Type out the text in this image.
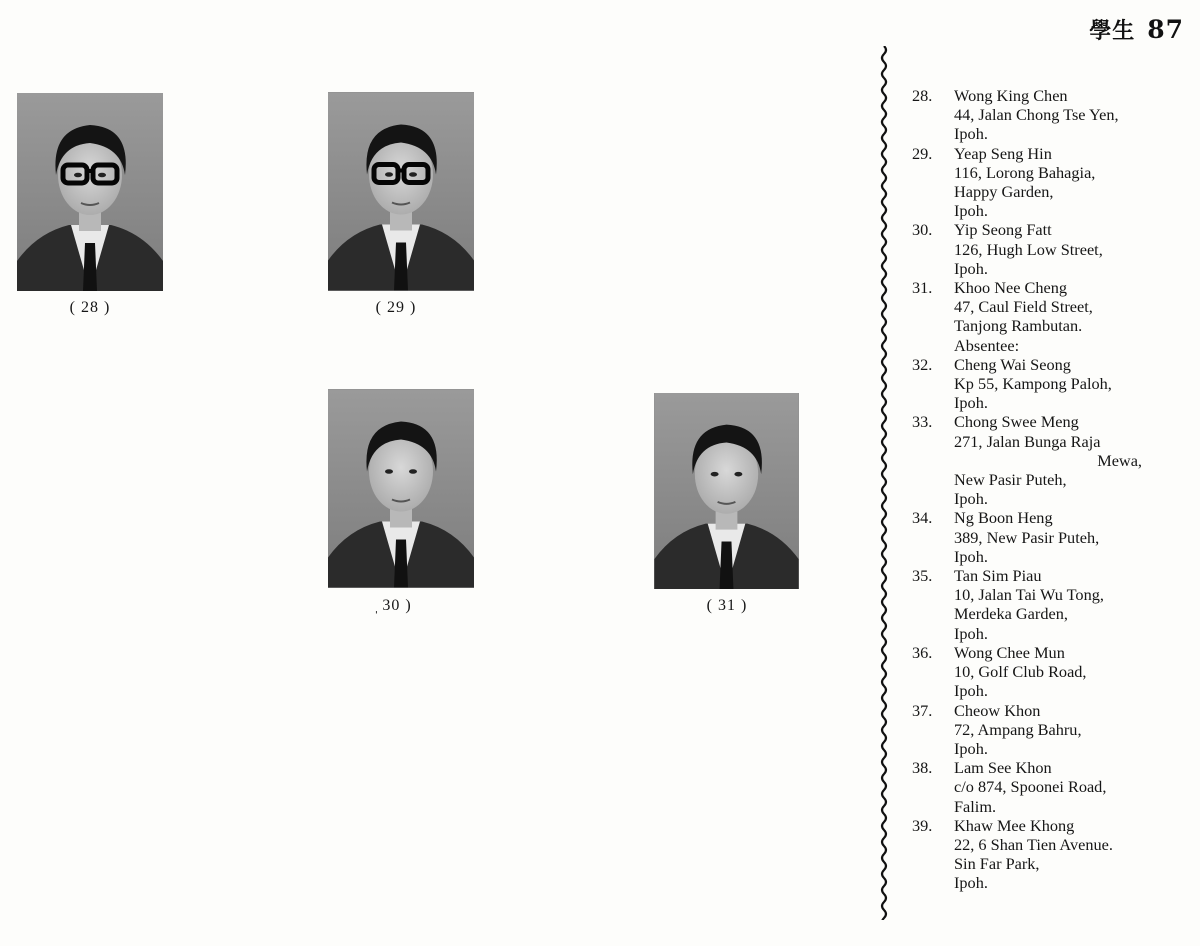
學生 87
( 28 )	( 29 )
̩ 30 )	( 31 )
28. Wong King Chen
44, Jalan Chong Tse Yen,
Ipoh.
29. Yeap Seng Hin
116, Lorong Bahagia,
Happy Garden,
Ipoh.
30. Yip Seong Fatt
126, Hugh Low Street,
Ipoh.
31. Khoo Nee Cheng
47, Caul Field Street,
Tanjong Rambutan.
Absentee:
32. Cheng Wai Seong
Kp 55, Kampong Paloh,
Ipoh.
33. Chong Swee Meng
271, Jalan Bunga Raja
Mewa,
New Pasir Puteh,
Ipoh.
34. Ng Boon Heng
389, New Pasir Puteh,
Ipoh.
35. Tan Sim Piau
10, Jalan Tai Wu Tong,
Merdeka Garden,
Ipoh.
36. Wong Chee Mun
10, Golf Club Road,
Ipoh.
37. Cheow Khon
72, Ampang Bahru,
Ipoh.
38. Lam See Khon
c/o 874, Spoonei Road,
Falim.
39. Khaw Mee Khong
22, 6 Shan Tien Avenue.
Sin Far Park,
Ipoh.
